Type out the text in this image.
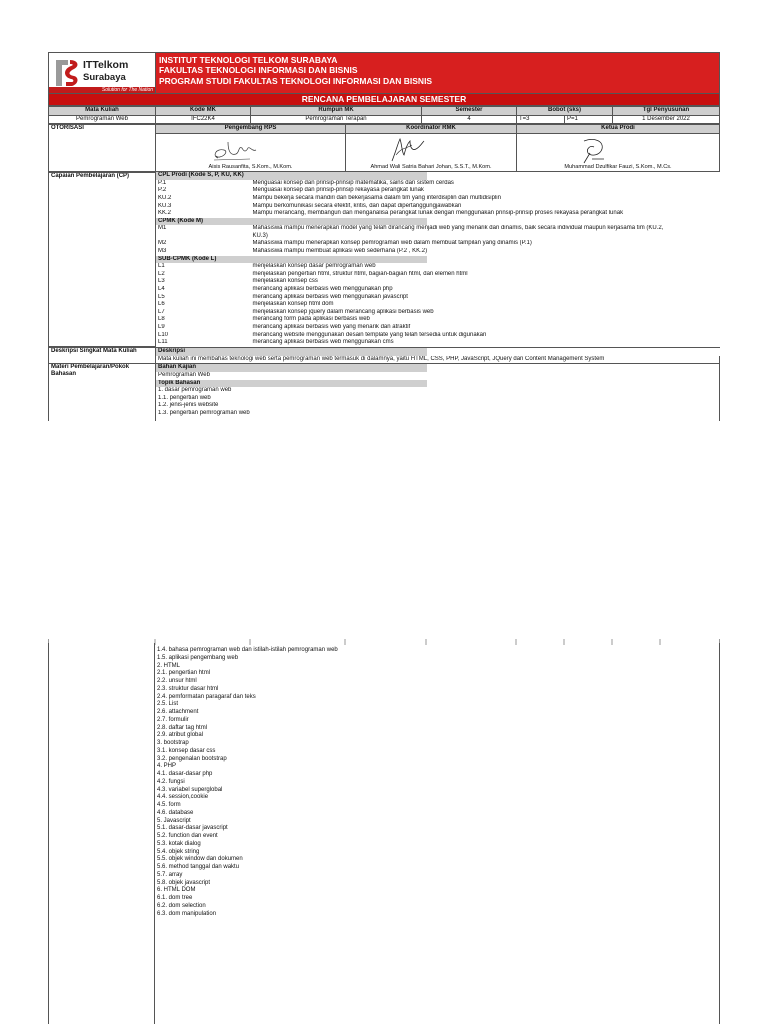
ITTelkom
Surabaya
Solution for The Nation

INSTITUT TEKNOLOGI TELKOM SURABAYA
FAKULTAS TEKNOLOGI INFORMASI DAN BISNIS
PROGRAM STUDI FAKULTAS TEKNOLOGI INFORMASI DAN BISNIS

RENCANA PEMBELAJARAN SEMESTER
Mata Kuliah	Kode MK	Rumpun MK	Semester	Bobot (sks)		Tgl Penyusunan
Pemrograman Web	IFC22K4	Pemrograman Terapan	4	T=3	P=1	1 Desember 2022
OTORISASI	Pengembang RPS	Koordinator RMK	Ketua Prodi

	Aisis Rausanfita, S.Kom., M.Kom.	Ahmad Wali Satria Bahari Johan, S.S.T., M.Kom.	Muhammad Dzulfikar Fauzi, S.Kom., M.Cs.
Capaian Pembelajaran (CP)	CPL Prodi (Kode S, P, KU, KK)		
	P.1	Menguasai konsep dan prinsip-prinsip matematika, sains dan sistem cerdas	
	P.2	Menguasai konsep dan prinsip-prinsip rekayasa perangkat lunak	
	KU.2	Mampu bekerja secara mandiri dan bekerjasama dalam tim yang interdisiplin dan multidisiplin	
	KU.3	Mampu berkomunikasi secara efektif, kritis, dan dapat dipertanggungjawabkan	
	KK.2	Mampu merancang, membangun dan menganalisa perangkat lunak dengan menggunakan prinsip-prinsip proses rekayasa perangkat lunak	
	CPMK (Kode M)		
	M1	Mahasiswa mampu menerapkan model yang telah dirancang menjadi web yang menarik dan dinamis, baik secara individual maupun kerjasama tim (KU.2, KU.3)	
	M2	Mahasiswa mampu menerapkan konsep pemrograman web dalam membuat tampilan yang dinamis (P.1)	
	M3	Mahasiswa mampu membuat aplikasi web sederhana (P.2 , KK.2)	
	SUB-CPMK (Kode L)		
	L1	menjelaskan konsep dasar pemrograman web	
	L2	menjelaskan pengertian html, struktur html, bagian-bagian html, dan elemen html	
	L3	menjelaskan konsep css	
	L4	merancang aplikasi berbasis web menggunakan php	
	L5	merancang aplikasi berbasis web menggunakan javascript	
	L6	menjelaskan konsep html dom	
	L7	menjelaskan konsep jquery dalam merancang aplikasi berbasis web	
	L8	merancang form pada aplikasi berbasis web	
	L9	merancang aplikasi berbasis web yang menarik dan atraktif	
	L10	merancang website menggunakan desain template yang telah tersedia untuk digunakan	
	L11	merancang aplikasi berbasis web menggunakan cms	
Deskripsi Singkat Mata Kuliah	Deskripsi	
Mata kuliah ini membahas teknologi web serta pemrograman web termasuk di dalamnya, yaitu HTML, CSS, PHP, JavaScript, JQuery dan Content Management System
Materi Pembelajaran/Pokok Bahasan	Bahan Kajian	
Pemrograman Web
Topik Bahasan
1. dasar pemrograman web
1.1. pengertian web
1.2. jenis-jenis website
1.3. pengertian pemrograman web

1.4. bahasa pemrograman web dan istilah-istilah pemrograman web
1.5. aplikasi pengembang web
2. HTML
2.1. pengertian html
2.2. unsur html
2.3. struktur dasar html
2.4. pemformatan paragaraf dan teks
2.5. List
2.6. attachment
2.7. formulir
2.8. daftar tag html
2.9. atribut global
3. bootstrap
3.1. konsep dasar css
3.2. pengenalan bootstrap
4. PHP
4.1. dasar-dasar php
4.2. fungsi
4.3. variabel superglobal
4.4. session,cookie
4.5. form
4.6. database
5. Javascript
5.1. dasar-dasar javascript
5.2. function dan event
5.3. kotak dialog
5.4. objek string
5.5. objek window dan dokumen
5.6. method tanggal dan waktu
5.7. array
5.8. objek javascript
6. HTML DOM
6.1. dom tree
6.2. dom selection
6.3. dom manipulation
